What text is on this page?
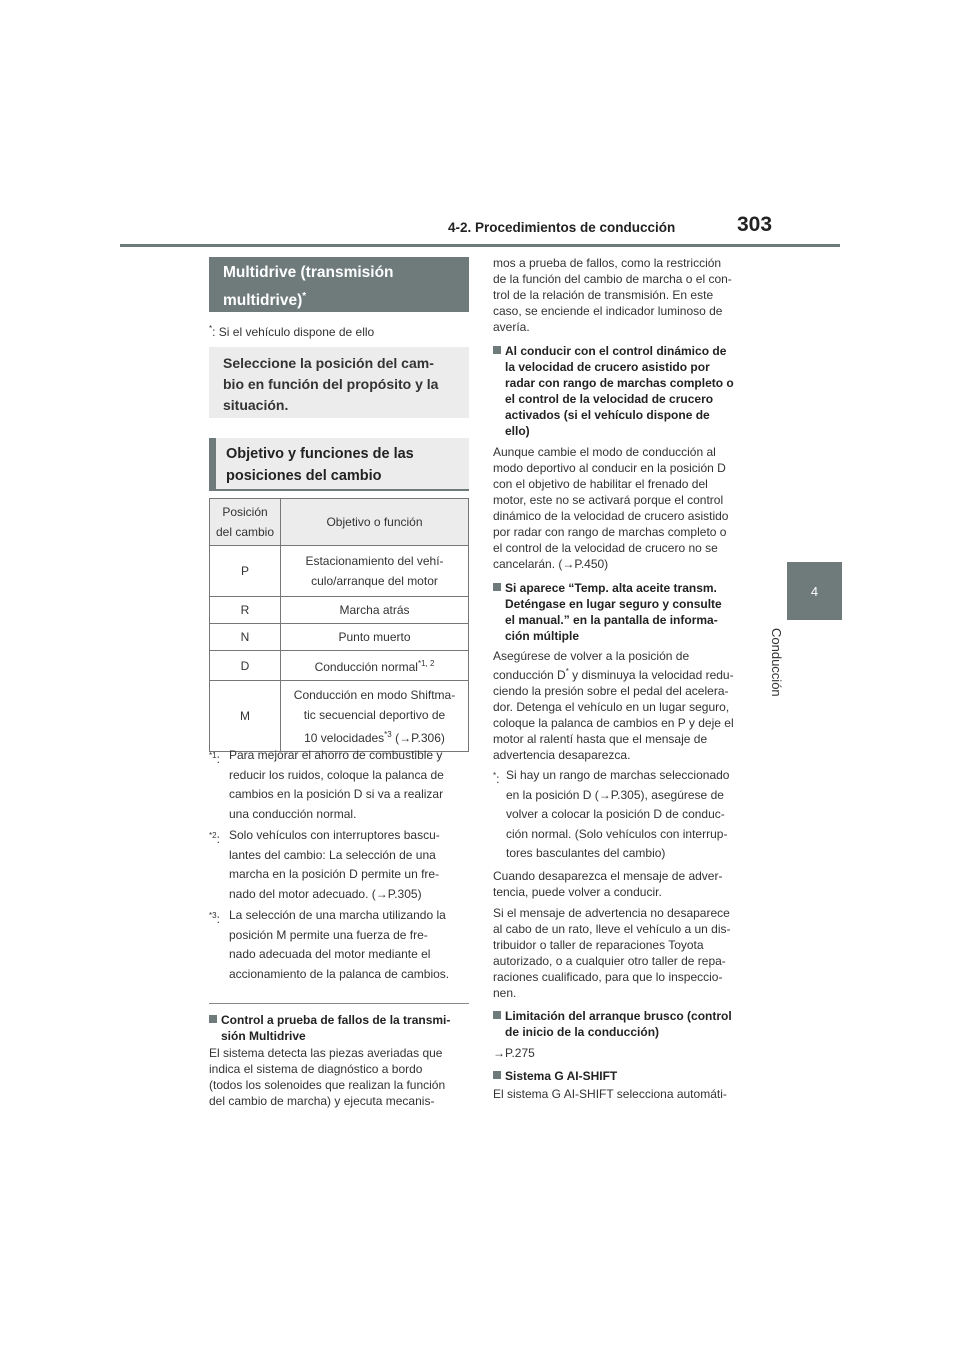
4-2. Procedimientos de conducción	303
4
Conducción
Multidrive (transmisión
multidrive)*
*: Si el vehículo dispone de ello
Seleccione la posición del cam-
bio en función del propósito y la
situación.
Objetivo y funciones de las
posiciones del cambio
Posición
del cambio	Objetivo o función
P	Estacionamiento del vehí-
culo/arranque del motor
R	Marcha atrás
N	Punto muerto
D	Conducción normal$^{*1, 2}$
M	Conducción en modo Shiftma-
tic secuencial deportivo de
10 velocidades$^{*3}$ (→P.306)
$^{*1}$: Para mejorar el ahorro de combustible y
reducir los ruidos, coloque la palanca de
cambios en la posición D si va a realizar
una conducción normal.
$^{*2}$: Solo vehículos con interruptores bascu-
lantes del cambio: La selección de una
marcha en la posición D permite un fre-
nado del motor adecuado. (→P.305)
$^{*3}$: La selección de una marcha utilizando la
posición M permite una fuerza de fre-
nado adecuada del motor mediante el
accionamiento de la palanca de cambios.
Control a prueba de fallos de la transmi-
sión Multidrive
El sistema detecta las piezas averiadas que
indica el sistema de diagnóstico a bordo
(todos los solenoides que realizan la función
del cambio de marcha) y ejecuta mecanis-
mos a prueba de fallos, como la restricción
de la función del cambio de marcha o el con-
trol de la relación de transmisión. En este
caso, se enciende el indicador luminoso de
avería.
Al conducir con el control dinámico de
la velocidad de crucero asistido por
radar con rango de marchas completo o
el control de la velocidad de crucero
activados (si el vehículo dispone de
ello)
Aunque cambie el modo de conducción al
modo deportivo al conducir en la posición D
con el objetivo de habilitar el frenado del
motor, este no se activará porque el control
dinámico de la velocidad de crucero asistido
por radar con rango de marchas completo o
el control de la velocidad de crucero no se
cancelarán. (→P.450)
Si aparece “Temp. alta aceite transm.
Deténgase en lugar seguro y consulte
el manual.” en la pantalla de informa-
ción múltiple
Asegúrese de volver a la posición de
conducción D* y disminuya la velocidad redu-
ciendo la presión sobre el pedal del acelera-
dor. Detenga el vehículo en un lugar seguro,
coloque la palanca de cambios en P y deje el
motor al ralentí hasta que el mensaje de
advertencia desaparezca.
*: Si hay un rango de marchas seleccionado
en la posición D (→P.305), asegúrese de
volver a colocar la posición D de conduc-
ción normal. (Solo vehículos con interrup-
tores basculantes del cambio)
Cuando desaparezca el mensaje de adver-
tencia, puede volver a conducir.
Si el mensaje de advertencia no desaparece
al cabo de un rato, lleve el vehículo a un dis-
tribuidor o taller de reparaciones Toyota
autorizado, o a cualquier otro taller de repa-
raciones cualificado, para que lo inspeccio-
nen.
Limitación del arranque brusco (control
de inicio de la conducción)
→P.275
Sistema G AI-SHIFT
El sistema G AI-SHIFT selecciona automáti-
